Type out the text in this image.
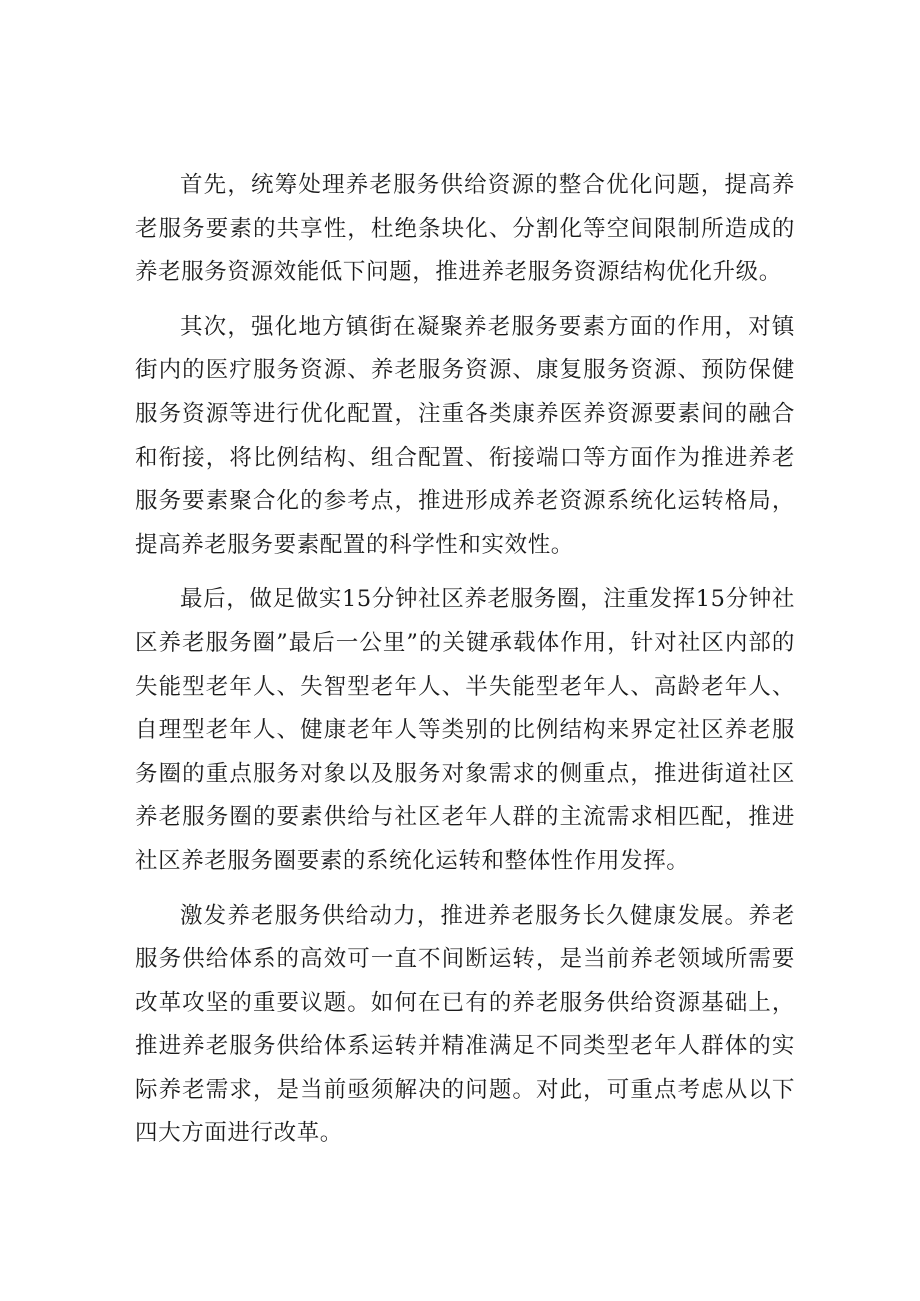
首先，统筹处理养老服务供给资源的整合优化问题，提高养老服务要素的共享性，杜绝条块化、分割化等空间限制所造成的养老服务资源效能低下问题，推进养老服务资源结构优化升级。

其次，强化地方镇街在凝聚养老服务要素方面的作用，对镇街内的医疗服务资源、养老服务资源、康复服务资源、预防保健服务资源等进行优化配置，注重各类康养医养资源要素间的融合和衔接，将比例结构、组合配置、衔接端口等方面作为推进养老服务要素聚合化的参考点，推进形成养老资源系统化运转格局，提高养老服务要素配置的科学性和实效性。

最后，做足做实15分钟社区养老服务圈，注重发挥15分钟社区养老服务圈”最后一公里”的关键承载体作用，针对社区内部的失能型老年人、失智型老年人、半失能型老年人、高龄老年人、自理型老年人、健康老年人等类别的比例结构来界定社区养老服务圈的重点服务对象以及服务对象需求的侧重点，推进街道社区养老服务圈的要素供给与社区老年人群的主流需求相匹配，推进社区养老服务圈要素的系统化运转和整体性作用发挥。

激发养老服务供给动力，推进养老服务长久健康发展。养老服务供给体系的高效可一直不间断运转，是当前养老领域所需要改革攻坚的重要议题。如何在已有的养老服务供给资源基础上，推进养老服务供给体系运转并精准满足不同类型老年人群体的实际养老需求，是当前亟须解决的问题。对此，可重点考虑从以下四大方面进行改革。
